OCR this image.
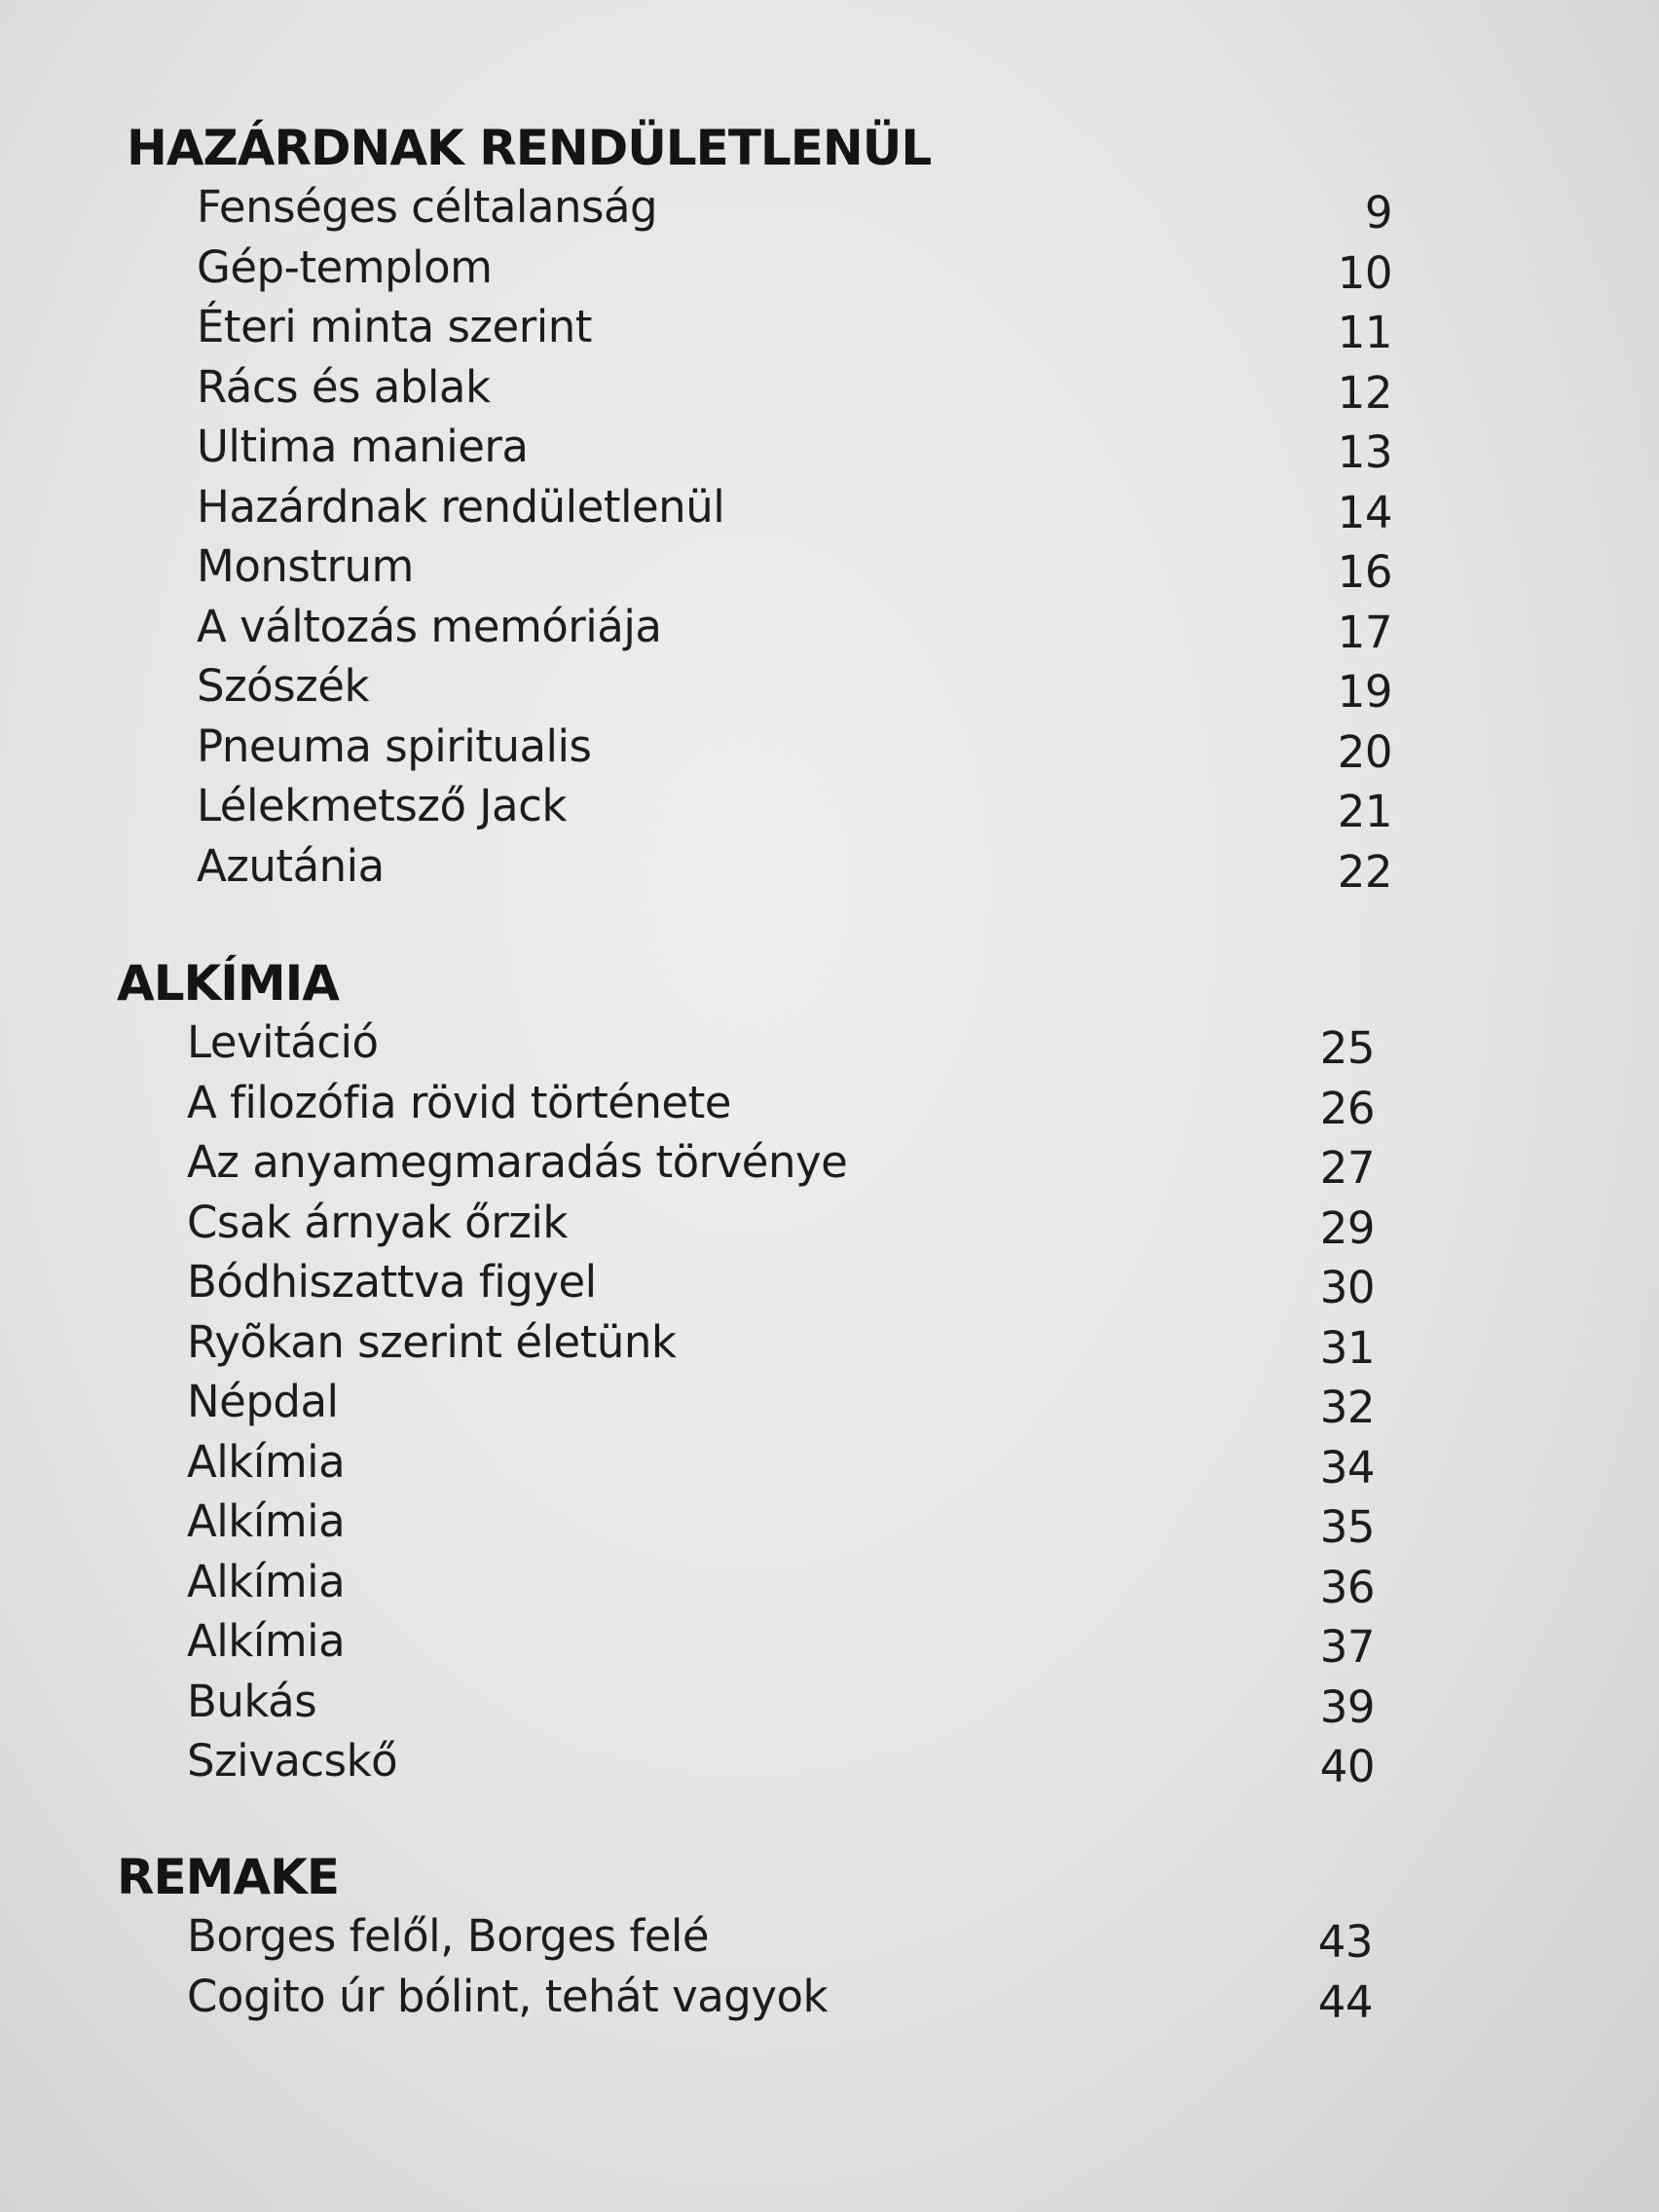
HAZÁRDNAK RENDÜLETLENÜL
Fenséges céltalanság	9
Gép-templom	10
Éteri minta szerint	11
Rács és ablak	12
Ultima maniera	13
Hazárdnak rendületlenül	14
Monstrum	16
A változás memóriája	17
Szószék	19
Pneuma spiritualis	20
Lélekmetsző Jack	21
Azutánia	22
ALKÍMIA
Levitáció	25
A filozófia rövid története	26
Az anyamegmaradás törvénye	27
Csak árnyak őrzik	29
Bódhiszattva figyel	30
Ryõkan szerint életünk	31
Népdal	32
Alkímia	34
Alkímia	35
Alkímia	36
Alkímia	37
Bukás	39
Szivacskő	40
REMAKE
Borges felől, Borges felé	43
Cogito úr bólint, tehát vagyok	44
